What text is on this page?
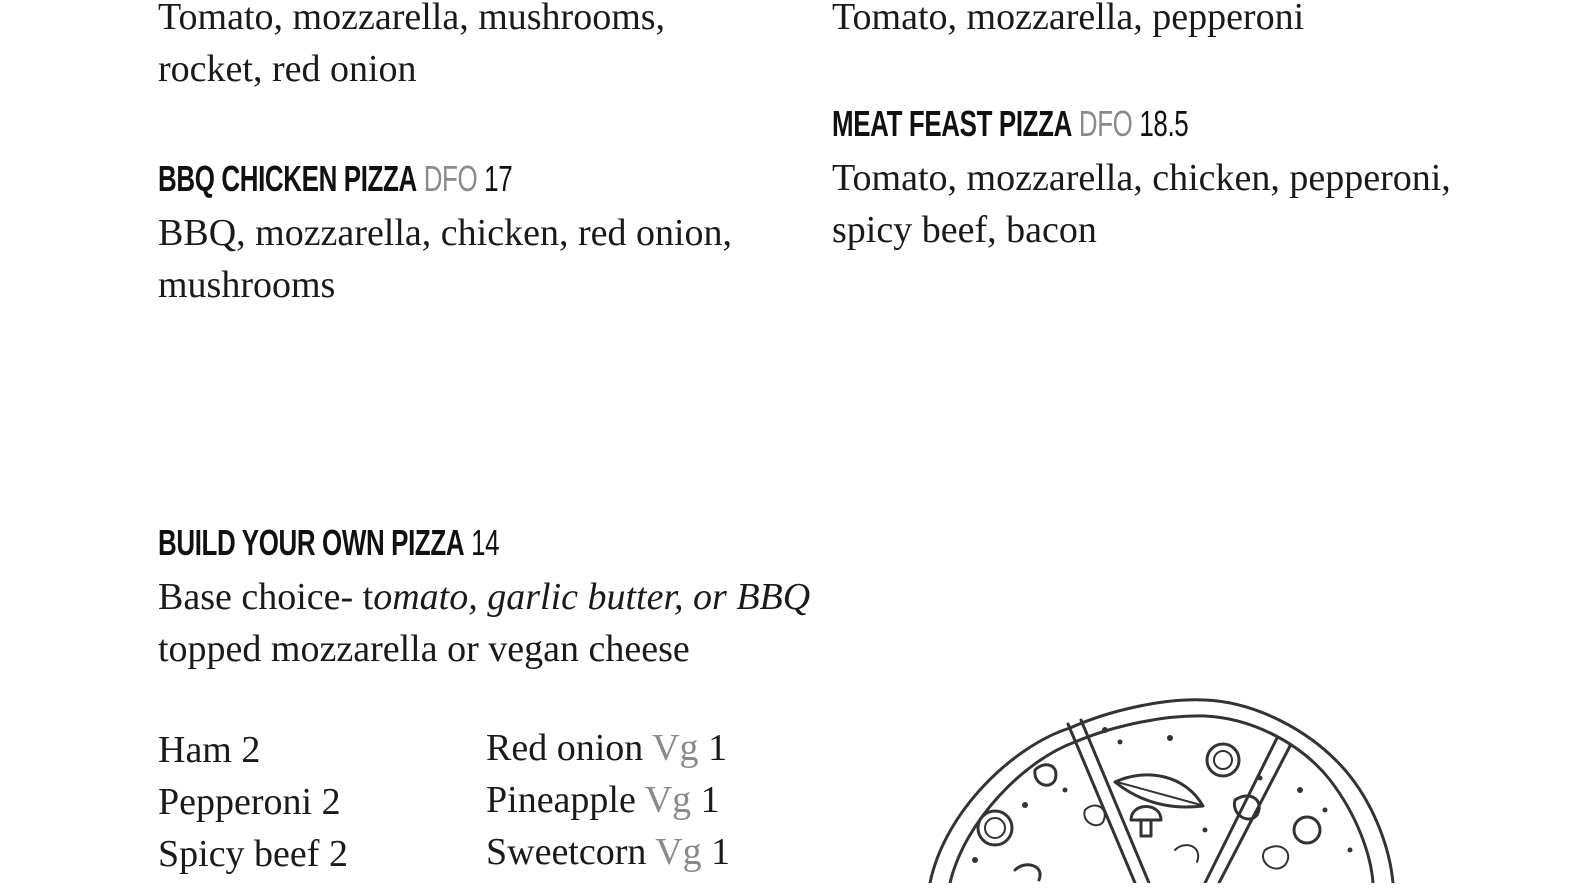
Tomato, mozzarella, mushrooms, rocket, red onion

Tomato, mozzarella, pepperoni

MEAT FEAST PIZZA DFO 18.5

Tomato, mozzarella, chicken, pepperoni, spicy beef, bacon

BBQ CHICKEN PIZZA DFO 17

BBQ, mozzarella, chicken, red onion, mushrooms

BUILD YOUR OWN PIZZA 14

Base choice- tomato, garlic butter, or BBQ
topped mozzarella or vegan cheese

Ham 2
Pepperoni 2
Spicy beef 2
Red onion Vg 1
Pineapple Vg 1
Sweetcorn Vg 1
